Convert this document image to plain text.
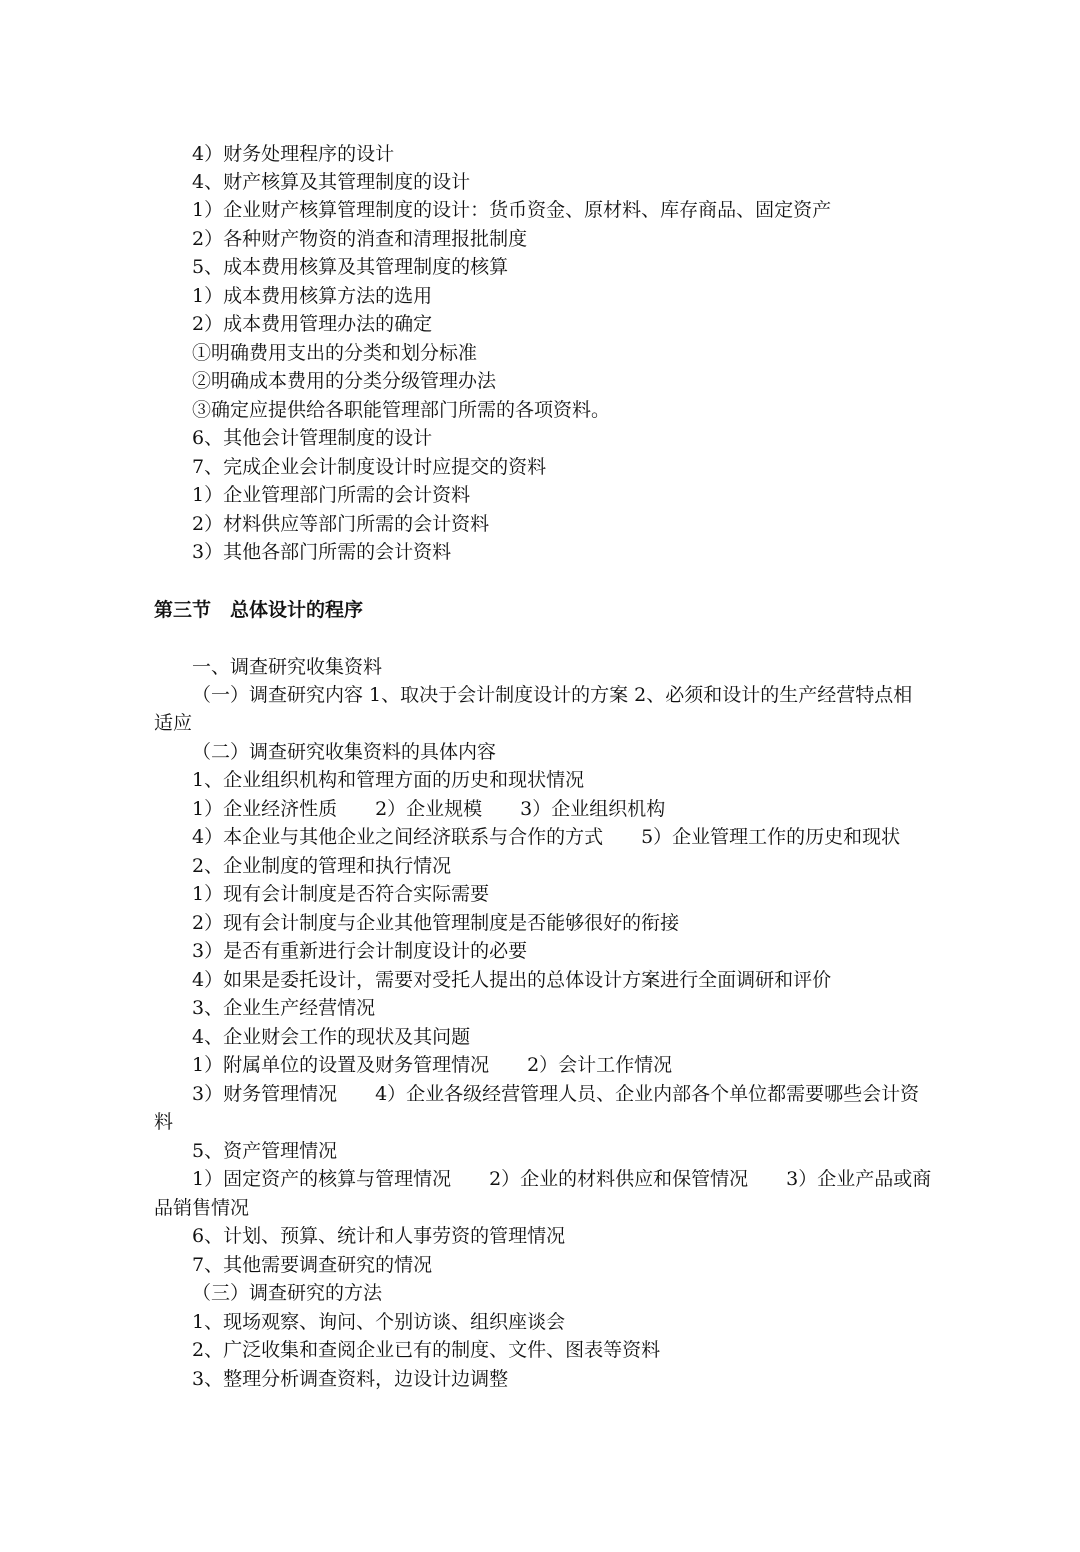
4）财务处理程序的设计

4、财产核算及其管理制度的设计

1）企业财产核算管理制度的设计：货币资金、原材料、库存商品、固定资产

2）各种财产物资的消查和清理报批制度

5、成本费用核算及其管理制度的核算

1）成本费用核算方法的选用

2）成本费用管理办法的确定

①明确费用支出的分类和划分标准

②明确成本费用的分类分级管理办法

③确定应提供给各职能管理部门所需的各项资料。

6、其他会计管理制度的设计

7、完成企业会计制度设计时应提交的资料

1）企业管理部门所需的会计资料

2）材料供应等部门所需的会计资料

3）其他各部门所需的会计资料

第三节　总体设计的程序

一、调查研究收集资料

（一）调查研究内容 1、取决于会计制度设计的方案 2、必须和设计的生产经营特点相

适应

（二）调查研究收集资料的具体内容

1、企业组织机构和管理方面的历史和现状情况

1）企业经济性质　　2）企业规模　　3）企业组织机构

4）本企业与其他企业之间经济联系与合作的方式　　5）企业管理工作的历史和现状

2、企业制度的管理和执行情况

1）现有会计制度是否符合实际需要

2）现有会计制度与企业其他管理制度是否能够很好的衔接

3）是否有重新进行会计制度设计的必要

4）如果是委托设计，需要对受托人提出的总体设计方案进行全面调研和评价

3、企业生产经营情况

4、企业财会工作的现状及其问题

1）附属单位的设置及财务管理情况　　2）会计工作情况

3）财务管理情况　　4）企业各级经营管理人员、企业内部各个单位都需要哪些会计资

料

5、资产管理情况

1）固定资产的核算与管理情况　　2）企业的材料供应和保管情况　　3）企业产品或商

品销售情况

6、计划、预算、统计和人事劳资的管理情况

7、其他需要调查研究的情况

（三）调查研究的方法

1、现场观察、询问、个别访谈、组织座谈会

2、广泛收集和查阅企业已有的制度、文件、图表等资料

3、整理分析调查资料，边设计边调整
